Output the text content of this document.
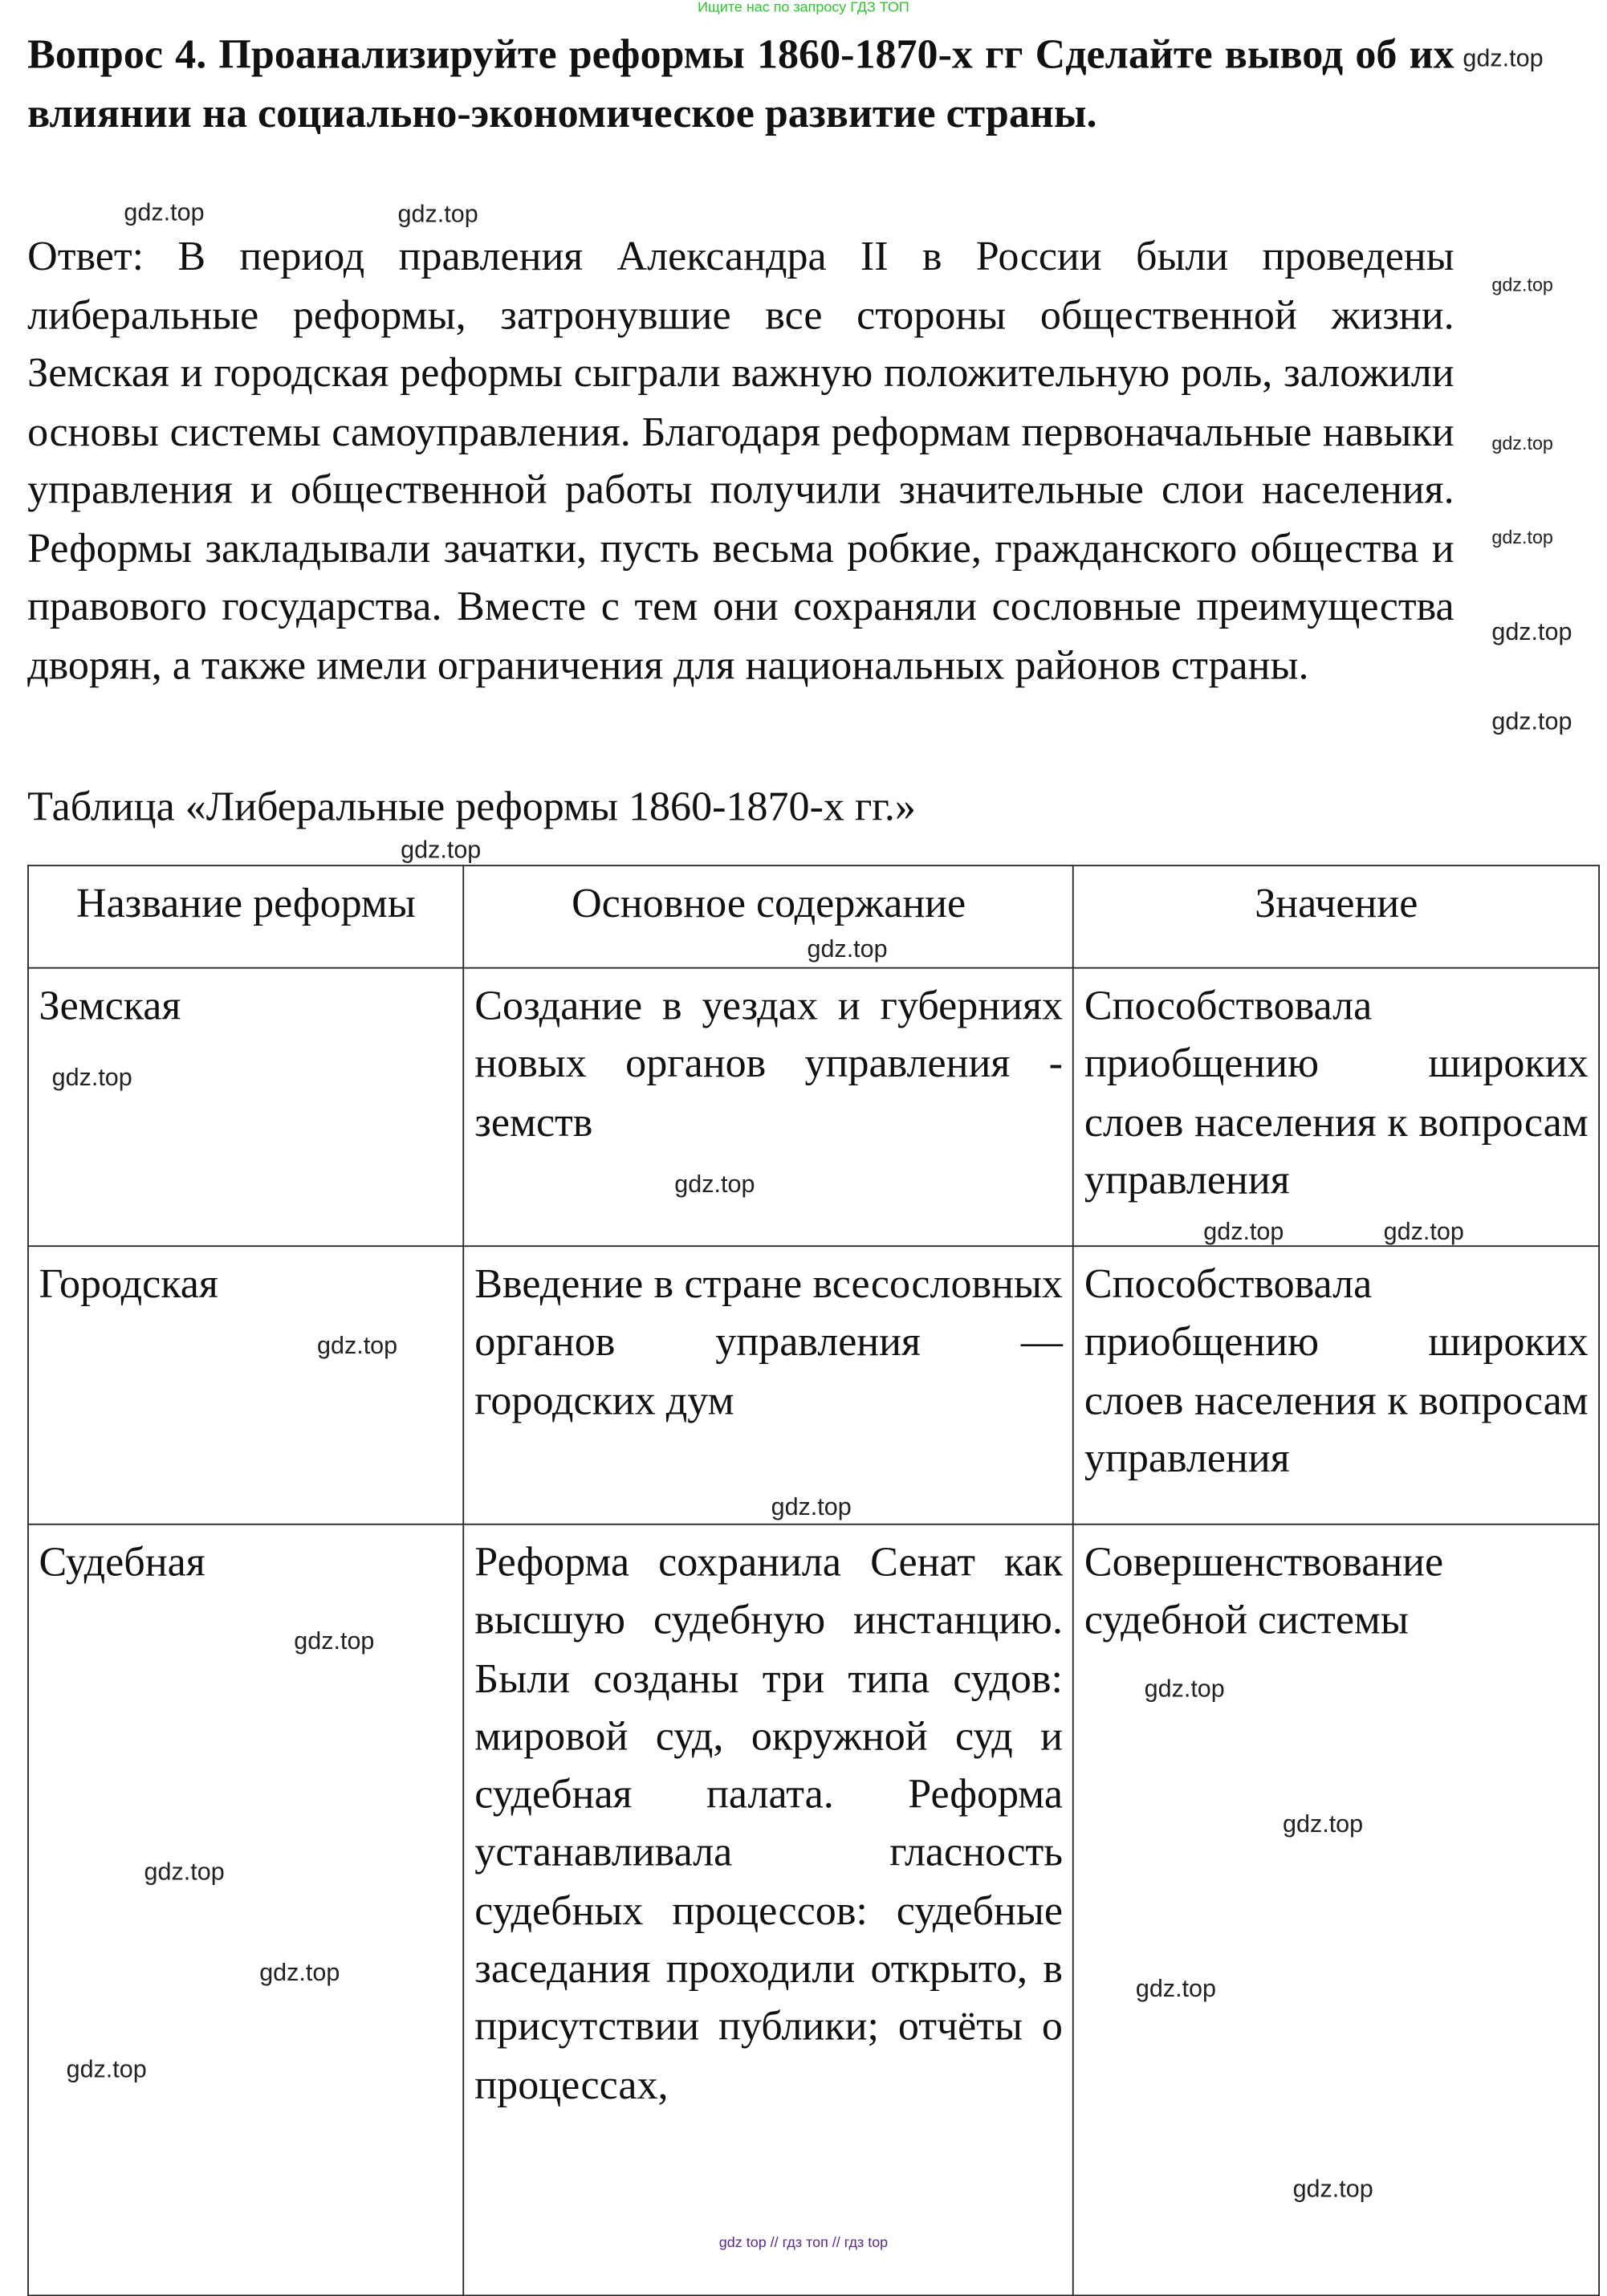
Ищите нас по запросу ГДЗ ТОП
Вопрос 4. Проанализируйте реформы 1860-1870-х гг Сделайте вывод об их влиянии на социально-экономическое развитие страны.
Ответ: В период правления Александра II в России были проведены либеральные реформы, затронувшие все стороны общественной жизни. Земская и городская реформы сыграли важную положительную роль, заложили основы системы самоуправления. Благодаря реформам первоначальные навыки управления и общественной работы получили значительные слои населения. Реформы закладывали зачатки, пусть весьма робкие, гражданского общества и правового государства. Вместе с тем они сохраняли сословные преимущества дворян, а также имели ограничения для национальных районов страны.
Таблица «Либеральные реформы 1860-1870-х гг.»
Название реформы	Основное содержание	Значение
Земская	Создание в уездах и губерниях новых органов управления - земств	Способствовала приобщению широких слоев населения к вопросам управления
Городская	Введение в стране всесословных органов управления — городских дум	Способствовала приобщению широких слоев населения к вопросам управления
Судебная	Реформа сохранила Сенат как высшую судебную инстанцию. Были созданы три типа судов: мировой суд, окружной суд и судебная палата. Реформа устанавливала гласность судебных процессов: судебные заседания проходили открыто, в присутствии публики; отчёты о процессах,	Совершенствование судебной системы
gdz.top
gdz.top
gdz.top
gdz.top
gdz.top
gdz.top
gdz.top
gdz.top
gdz.top
gdz.top
gdz.top
gdz.top
gdz.top
gdz.top
gdz.top
gdz.top
gdz.top
gdz.top
gdz.top
gdz.top
gdz.top
gdz.top
gdz.top
gdz.top
gdz top // гдз топ // гдз top
